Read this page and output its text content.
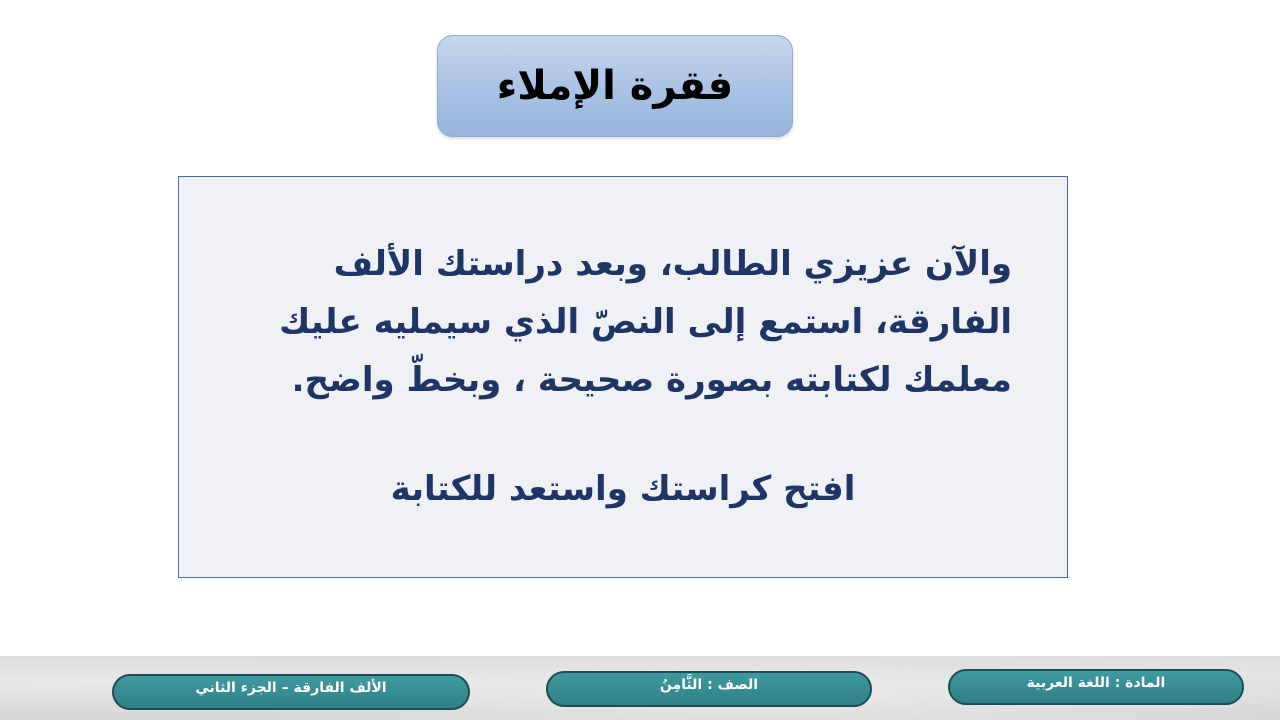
فقرة الإملاء
والآن عزيزي الطالب، وبعد دراستك الألف الفارقة، استمع إلى النصّ الذي سيمليه عليك معلمك لكتابته بصورة صحيحة ، وبخطّ واضح.
افتح كراستك واستعد للكتابة
المادة : اللغة العربية
الصف : الثَّامِنُ
الألف الفارقة – الجزء الثاني
